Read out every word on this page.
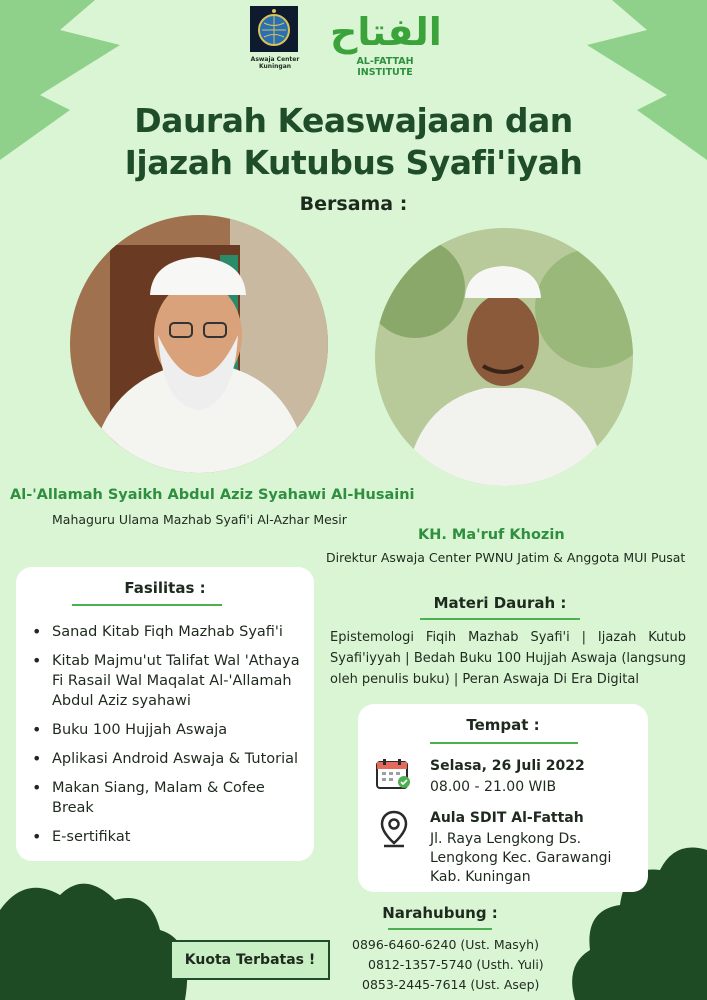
Aswaja Center Kuningan
الفتاح
AL-FATTAH INSTITUTE
Daurah Keaswajaan dan
Ijazah Kutubus Syafi'iyah
Bersama :
Al-'Allamah Syaikh Abdul Aziz Syahawi Al-Husaini
Mahaguru Ulama Mazhab Syafi'i Al-Azhar Mesir
KH. Ma'ruf Khozin
Direktur Aswaja Center PWNU Jatim & Anggota MUI Pusat
Fasilitas :
• Sanad Kitab Fiqh Mazhab Syafi'i
• Kitab Majmu'ut Talifat Wal 'Athaya Fi Rasail Wal Maqalat Al-'Allamah Abdul Aziz syahawi
• Buku 100 Hujjah Aswaja
• Aplikasi Android Aswaja & Tutorial
• Makan Siang, Malam & Cofee Break
• E-sertifikat
Materi Daurah :
Epistemologi Fiqih Mazhab Syafi'i | Ijazah Kutub Syafi'iyyah | Bedah Buku 100 Hujjah Aswaja (langsung oleh penulis buku) | Peran Aswaja Di Era Digital
Tempat :
Selasa, 26 Juli 2022
08.00 - 21.00 WIB
Aula SDIT Al-Fattah
Jl. Raya Lengkong Ds.
Lengkong Kec. Garawangi
Kab. Kuningan
Narahubung :
0896-6460-6240 (Ust. Masyh)
0812-1357-5740 (Usth. Yuli)
0853-2445-7614 (Ust. Asep)
Kuota Terbatas !
